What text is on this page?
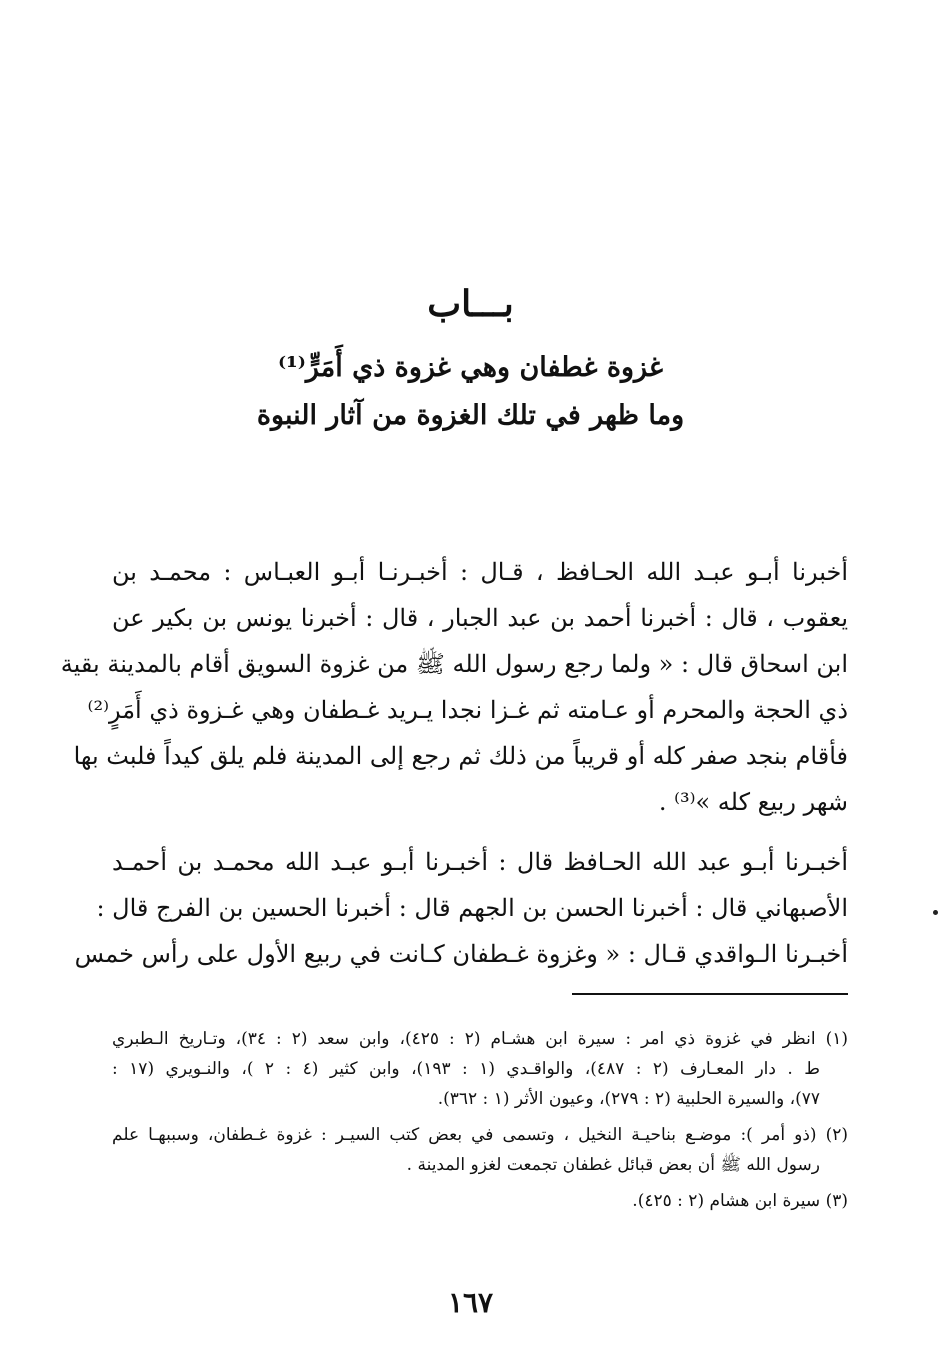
بـــاب
غزوة غطفان وهي غزوة ذي أَمَرٍّ⁽¹⁾
وما ظهر في تلك الغزوة من آثار النبوة
أخبرنا أبـو عبـد الله الحـافظ ، قـال : أخبـرنـا أبـو العبـاس : محمـد بن
يعقوب ، قال : أخبرنا أحمد بن عبد الجبار ، قال : أخبرنا يونس بن بكير عن
ابن اسحاق قال : « ولما رجع رسول الله ﷺ من غزوة السويق أقام بالمدينة بقية
ذي الحجة والمحرم أو عـامته ثم غـزا نجدا يـريد غـطفان وهي غـزوة ذي أَمَرٍ⁽²⁾
فأقام بنجد صفر كله أو قريباً من ذلك ثم رجع إلى المدينة فلم يلق كيداً فلبث بها
شهر ربيع كله »⁽³⁾ .
أخبـرنا أبـو عبد الله الحـافظ قال : أخبـرنا أبـو عبـد الله محمـد بن أحمـد
الأصبهاني قال : أخبرنا الحسن بن الجهم قال : أخبرنا الحسين بن الفرج قال :
أخبـرنا الـواقدي قـال : « وغزوة غـطفان كـانت في ربيع الأول على رأس خمس
(١) انظر في غزوة ذي امر : سيرة ابن هشـام (٢ : ٤٢٥)، وابن سعد (٢ : ٣٤)، وتـاريخ الـطبري
ط . دار المعـارف (٢ : ٤٨٧)، والواقـدي (١ : ١٩٣)، وابن كثير (٤ : ٢ )، والنـويري (١٧ :
٧٧)، والسيرة الحلبية (٢ : ٢٧٩)، وعيون الأثر (١ : ٣٦٢).
(٢) (ذو أمر ): موضـع بناحيـة النخيل ، وتسمى في بعض كتب السيـر : غزوة غـطفان، وسببهـا علم
رسول الله ﷺ أن بعض قبائل غطفان تجمعت لغزو المدينة .
(٣) سيرة ابن هشام (٢ : ٤٢٥).
١٦٧
